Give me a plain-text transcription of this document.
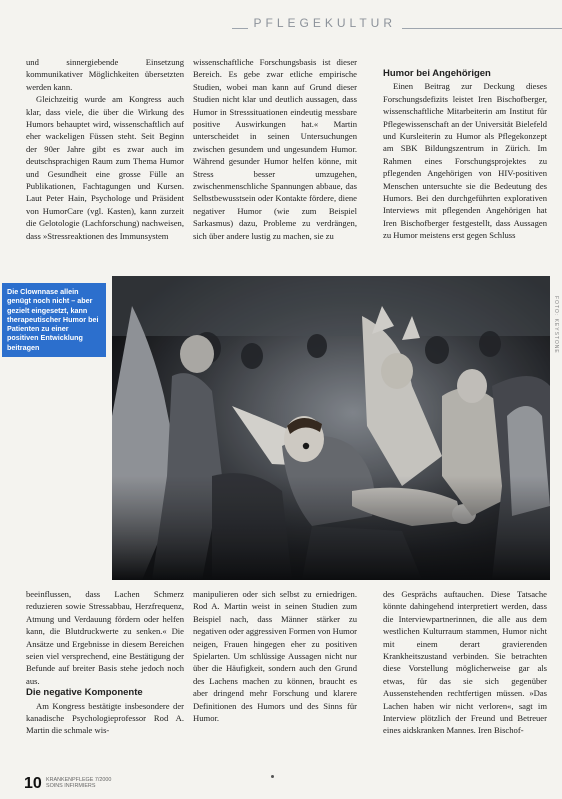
PFLEGEKULTUR

und sinnergiebende Einsetzung kommunikativer Möglichkeiten übersetzten werden kann.

Gleichzeitig wurde am Kongress auch klar, dass viele, die über die Wirkung des Humors behauptet wird, wissenschaftlich auf eher wackeligen Füssen steht. Seit Beginn der 90er Jahre gibt es zwar auch im deutschsprachigen Raum zum Thema Humor und Gesundheit eine grosse Fülle an Publikationen, Fachtagungen und Kursen. Laut Peter Hain, Psychologe und Präsident von HumorCare (vgl. Kasten), kann zurzeit die Gelotologie (Lachforschung) nachweisen, dass »Stressreaktionen des Immunsystem

wissenschaftliche Forschungsbasis ist dieser Bereich. Es gebe zwar etliche empirische Studien, wobei man kann auf Grund dieser Studien nicht klar und deutlich aussagen, dass Humor in Stresssituationen eindeutig messbare positive Auswirkungen hat.« Martin unterscheidet in seinen Untersuchungen zwischen gesundem und ungesundem Humor. Während gesunder Humor helfen könne, mit Stress besser umzugehen, zwischenmenschliche Spannungen abbaue, das Selbstbewusstsein oder Kontakte fördere, diene negativer Humor (wie zum Beispiel Sarkasmus) dazu, Probleme zu verdrängen, sich über andere lustig zu machen, sie zu

Humor bei Angehörigen

Einen Beitrag zur Deckung dieses Forschungsdefizits leistet Iren Bischofberger, wissenschaftliche Mitarbeiterin am Institut für Pflegewissenschaft an der Universität Bielefeld und Kursleiterin zu Humor als Pflegekonzept am SBK Bildungszentrum in Zürich. Im Rahmen eines Forschungsprojektes zu pflegenden Angehörigen von HIV-positiven Menschen untersuchte sie die Bedeutung des Humors. Bei den durchgeführten explorativen Interviews mit pflegenden Angehörigen hat Iren Bischofberger festgestellt, dass Aussagen zu Humor meistens erst gegen Schluss

Die Clownnase allein genügt noch nicht – aber gezielt eingesetzt, kann therapeutischer Humor bei Patienten zu einer positiven Entwicklung beitragen	FOTO: KEYSTONE

beeinflussen, dass Lachen Schmerz reduzieren sowie Stressabbau, Herzfrequenz, Atmung und Verdauung fördern oder helfen kann, die Blutdruckwerte zu senken.« Die Ansätze und Ergebnisse in diesem Bereichen seien viel versprechend, eine Bestätigung der Befunde auf breiter Basis stehe jedoch noch aus.

Die negative Komponente

Am Kongress bestätigte insbesondere der kanadische Psychologieprofessor Rod A. Martin die schmale wis-

manipulieren oder sich selbst zu erniedrigen. Rod A. Martin weist in seinen Studien zum Beispiel nach, dass Männer stärker zu negativen oder aggressiven Formen von Humor neigen, Frauen hingegen eher zu positiven Spielarten. Um schlüssige Aussagen nicht nur über die Häufigkeit, sondern auch den Grund des Lachens machen zu können, braucht es aber dringend mehr Forschung und klarere Definitionen des Humors und des Sinns für Humor.

des Gesprächs auftauchen. Diese Tatsache könnte dahingehend interpretiert werden, dass die Interviewpartnerinnen, die alle aus dem westlichen Kulturraum stammen, Humor nicht mit einem derart gravierenden Krankheitszustand verbinden. Sie betrachten diese Vorstellung möglicherweise gar als etwas, für das sie sich gegenüber Aussenstehenden rechtfertigen müssen. »Das Lachen haben wir nicht verloren«, sagt im Interview plötzlich der Freund und Betreuer eines aidskranken Mannes. Iren Bischof-

10 KRANKENPFLEGE 7/2000
SOINS INFIRMIERS
